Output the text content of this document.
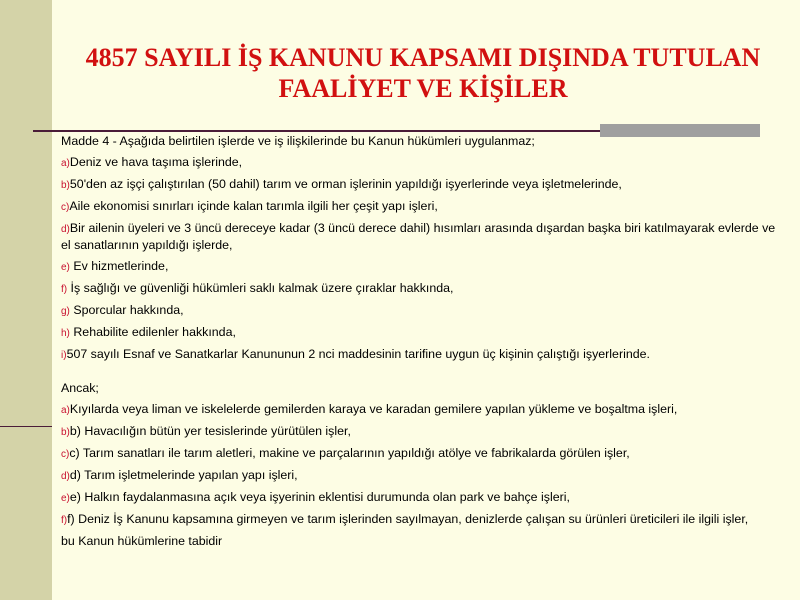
4857 SAYILI İŞ KANUNU KAPSAMI DIŞINDA TUTULAN
FAALİYET VE KİŞİLER
Madde 4 - Aşağıda belirtilen işlerde ve iş ilişkilerinde bu Kanun hükümleri uygulanmaz;
a)Deniz ve hava taşıma işlerinde,
b)50'den az işçi çalıştırılan (50 dahil) tarım ve orman işlerinin yapıldığı işyerlerinde veya işletmelerinde,
c)Aile ekonomisi sınırları içinde kalan tarımla ilgili her çeşit yapı işleri,
d)Bir ailenin üyeleri ve 3 üncü dereceye kadar (3 üncü derece dahil) hısımları arasında dışardan başka biri katılmayarak evlerde ve el sanatlarının yapıldığı işlerde,
e) Ev hizmetlerinde,
f) İş sağlığı ve güvenliği hükümleri saklı kalmak üzere çıraklar hakkında,
g) Sporcular hakkında,
h) Rehabilite edilenler hakkında,
i)507 sayılı Esnaf ve Sanatkarlar Kanununun 2 nci maddesinin tarifine uygun üç kişinin çalıştığı işyerlerinde.
Ancak;
a)Kıyılarda veya liman ve iskelelerde gemilerden karaya ve karadan gemilere yapılan yükleme ve boşaltma işleri,
b)b) Havacılığın bütün yer tesislerinde yürütülen işler,
c)c) Tarım sanatları ile tarım aletleri, makine ve parçalarının yapıldığı atölye ve fabrikalarda görülen işler,
d)d) Tarım işletmelerinde yapılan yapı işleri,
e)e) Halkın faydalanmasına açık veya işyerinin eklentisi durumunda olan park ve bahçe işleri,
f)f) Deniz İş Kanunu kapsamına girmeyen ve tarım işlerinden sayılmayan, denizlerde çalışan su ürünleri üreticileri ile ilgili işler,
bu Kanun hükümlerine tabidir
